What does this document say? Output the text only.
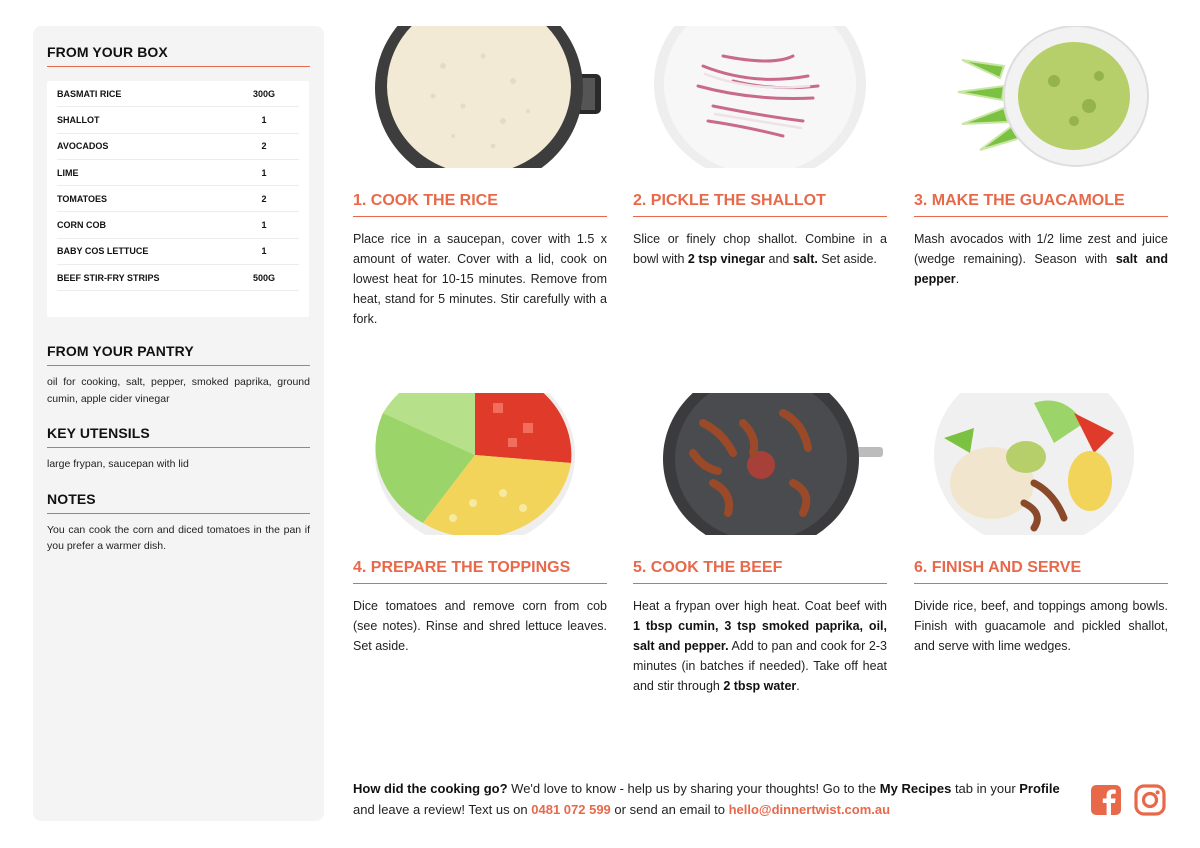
FROM YOUR BOX
BASMATI RICE	300G
SHALLOT	1
AVOCADOS	2
LIME	1
TOMATOES	2
CORN COB	1
BABY COS LETTUCE	1
BEEF STIR-FRY STRIPS	500G
FROM YOUR PANTRY
oil for cooking, salt, pepper, smoked paprika, ground cumin, apple cider vinegar
KEY UTENSILS
large frypan, saucepan with lid
NOTES
You can cook the corn and diced tomatoes in the pan if you prefer a warmer dish.
1. COOK THE RICE
Place rice in a saucepan, cover with 1.5 x amount of water. Cover with a lid, cook on lowest heat for 10-15 minutes. Remove from heat, stand for 5 minutes. Stir carefully with a fork.
2. PICKLE THE SHALLOT
Slice or finely chop shallot. Combine in a bowl with 2 tsp vinegar and salt. Set aside.
3. MAKE THE GUACAMOLE
Mash avocados with 1/2 lime zest and juice (wedge remaining). Season with salt and pepper.
4. PREPARE THE TOPPINGS
Dice tomatoes and remove corn from cob (see notes). Rinse and shred lettuce leaves. Set aside.
5. COOK THE BEEF
Heat a frypan over high heat. Coat beef with 1 tbsp cumin, 3 tsp smoked paprika, oil, salt and pepper. Add to pan and cook for 2-3 minutes (in batches if needed). Take off heat and stir through 2 tbsp water.
6. FINISH AND SERVE
Divide rice, beef, and toppings among bowls. Finish with guacamole and pickled shallot, and serve with lime wedges.
How did the cooking go? We'd love to know - help us by sharing your thoughts! Go to the My Recipes tab in your Profile and leave a review! Text us on 0481 072 599 or send an email to hello@dinnertwist.com.au
